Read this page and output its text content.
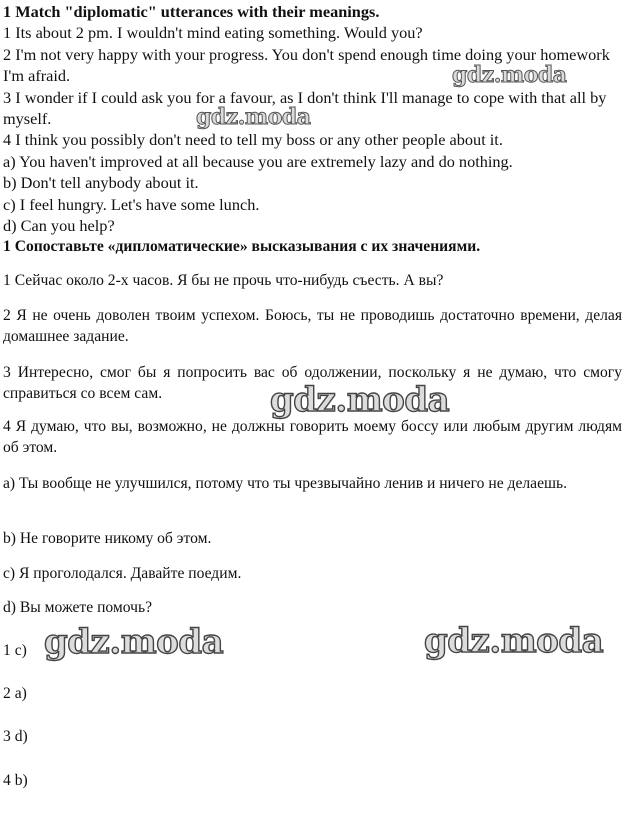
1 Match "diplomatic" utterances with their meanings.

1 Its about 2 pm. I wouldn't mind eating something. Would you?

2 I'm not very happy with your progress. You don't spend enough time doing your homework I'm afraid.

3 I wonder if I could ask you for a favour, as I don't think I'll manage to cope with that all by myself.

4 I think you possibly don't need to tell my boss or any other people about it.

a) You haven't improved at all because you are extremely lazy and do nothing.

b) Don't tell anybody about it.

c) I feel hungry. Let's have some lunch.

d) Can you help?

1 Сопоставьте «дипломатические» высказывания с их значениями.

1 Сейчас около 2-х часов. Я бы не прочь что-нибудь съесть. А вы?

2 Я не очень доволен твоим успехом. Боюсь, ты не проводишь достаточно времени, делая домашнее задание.

3 Интересно, смог бы я попросить вас об одолжении, поскольку я не думаю, что смогу справиться со всем сам.

4 Я думаю, что вы, возможно, не должны говорить моему боссу или любым другим людям об этом.

а) Ты вообще не улучшился, потому что ты чрезвычайно ленив и ничего не делаешь.

b) Не говорите никому об этом.

с) Я проголодался. Давайте поедим.

d) Вы можете помочь?

1 c)
2 a)
3 d)
4 b)
gdz.moda
gdz.moda
gdz.moda
gdz.moda	gdz.moda
